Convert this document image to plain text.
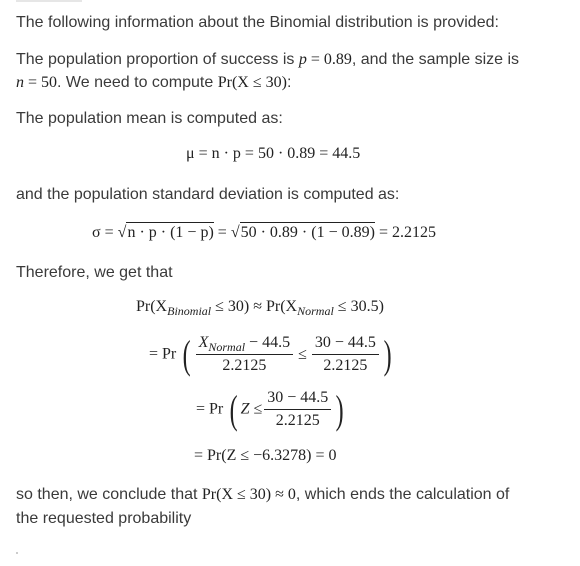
The following information about the Binomial distribution is provided:
The population proportion of success is p = 0.89, and the sample size is
n = 50. We need to compute Pr(X ≤ 30):
The population mean is computed as:
μ = n · p = 50 · 0.89 = 44.5
and the population standard deviation is computed as:
σ = √n · p · (1 − p) = √50 · 0.89 · (1 − 0.89) = 2.2125
Therefore, we get that
$Pr(X_{Binomial} \le 30) \approx Pr(X_{Normal} \le 30.5)$
= Pr ( $\frac{X_{Normal} - 44.5}{2.2125} \le \frac{30 - 44.5}{2.2125}$ )
= Pr ( $Z \le \frac{30 - 44.5}{2.2125}$ )
= Pr(Z ≤ −6.3278) = 0
so then, we conclude that Pr(X ≤ 30) ≈ 0, which ends the calculation of
the requested probability
